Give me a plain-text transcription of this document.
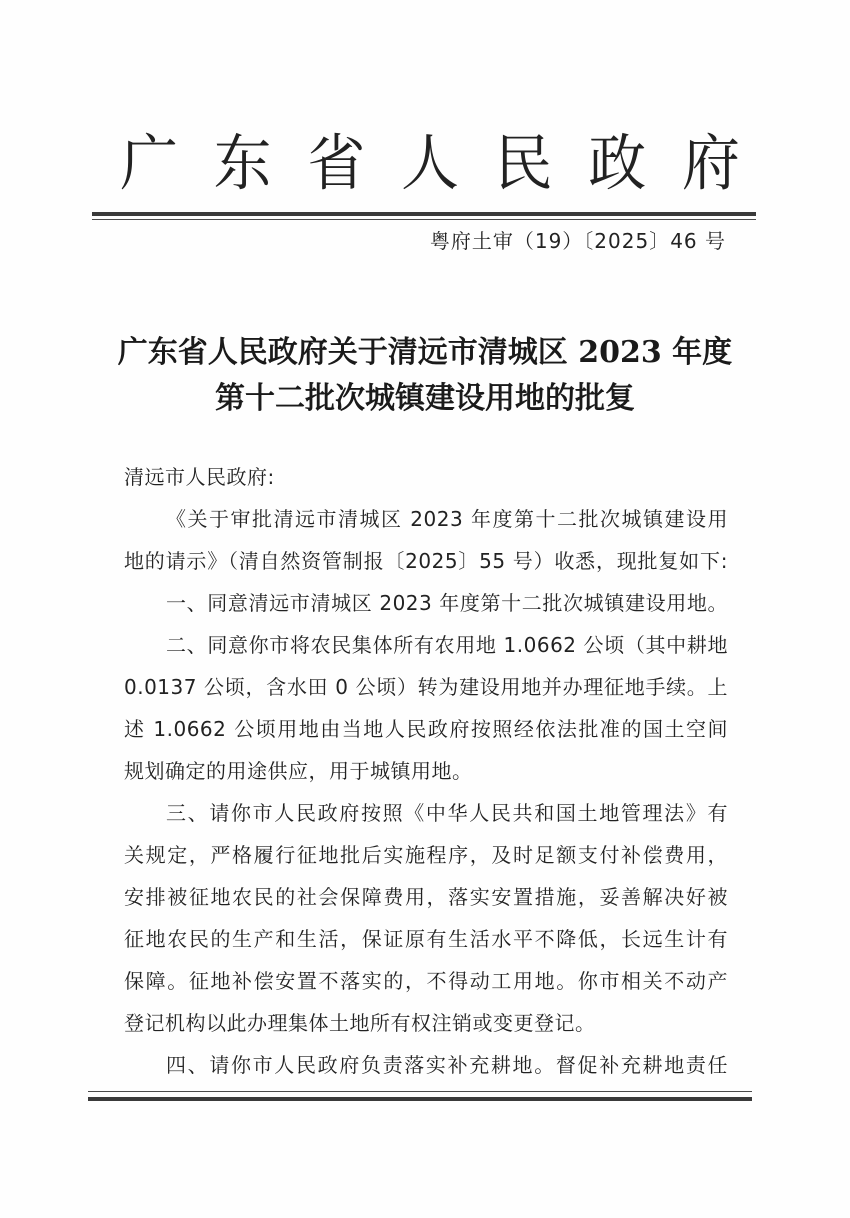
广 东 省 人 民 政 府
粤府土审（19）〔2025〕46 号
广东省人民政府关于清远市清城区 2023 年度
第十二批次城镇建设用地的批复
清远市人民政府:
《关于审批清远市清城区 2023 年度第十二批次城镇建设用
地的请示》（清自然资管制报〔2025〕55 号）收悉，现批复如下:
一、同意清远市清城区 2023 年度第十二批次城镇建设用地。
二、同意你市将农民集体所有农用地 1.0662 公顷（其中耕地
0.0137 公顷，含水田 0 公顷）转为建设用地并办理征地手续。上
述 1.0662 公顷用地由当地人民政府按照经依法批准的国土空间
规划确定的用途供应，用于城镇用地。
三、请你市人民政府按照《中华人民共和国土地管理法》有
关规定，严格履行征地批后实施程序，及时足额支付补偿费用，
安排被征地农民的社会保障费用，落实安置措施，妥善解决好被
征地农民的生产和生活，保证原有生活水平不降低，长远生计有
保障。征地补偿安置不落实的，不得动工用地。你市相关不动产
登记机构以此办理集体土地所有权注销或变更登记。
四、请你市人民政府负责落实补充耕地。督促补充耕地责任
